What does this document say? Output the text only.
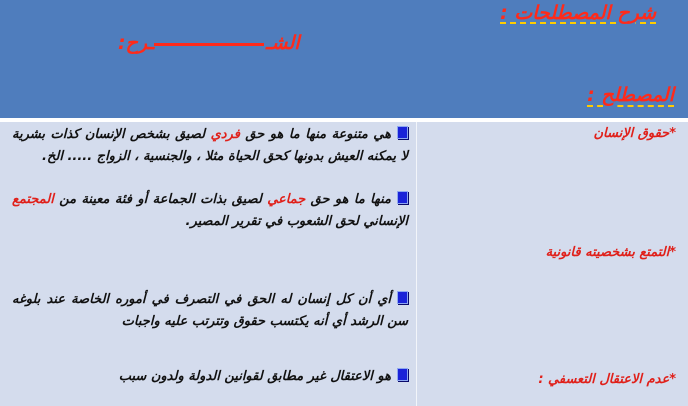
شرح المصطلحات :
الشــرح:
المصطلح :
*حقوق الإنسان
*التمتع بشخصيته قانونية
*عدم الاعتقال التعسفي :
هي متنوعة منها ما هو حق فردي لصيق بشخص الإنسان كذات بشرية لا يمكنه العيش بدونها كحق الحياة مثلا ، والجنسية ، الزواج ..... الخ.
منها ما هو حق جماعي لصيق بذات الجماعة أو فئة معينة من المجتمع الإنساني لحق الشعوب في تقرير المصير.
أي أن كل إنسان له الحق في التصرف في أموره الخاصة عند بلوغه سن الرشد أي أنه يكتسب حقوق وتترتب عليه واجبات
هو الاعتقال غير مطابق لقوانين الدولة ولدون سبب
